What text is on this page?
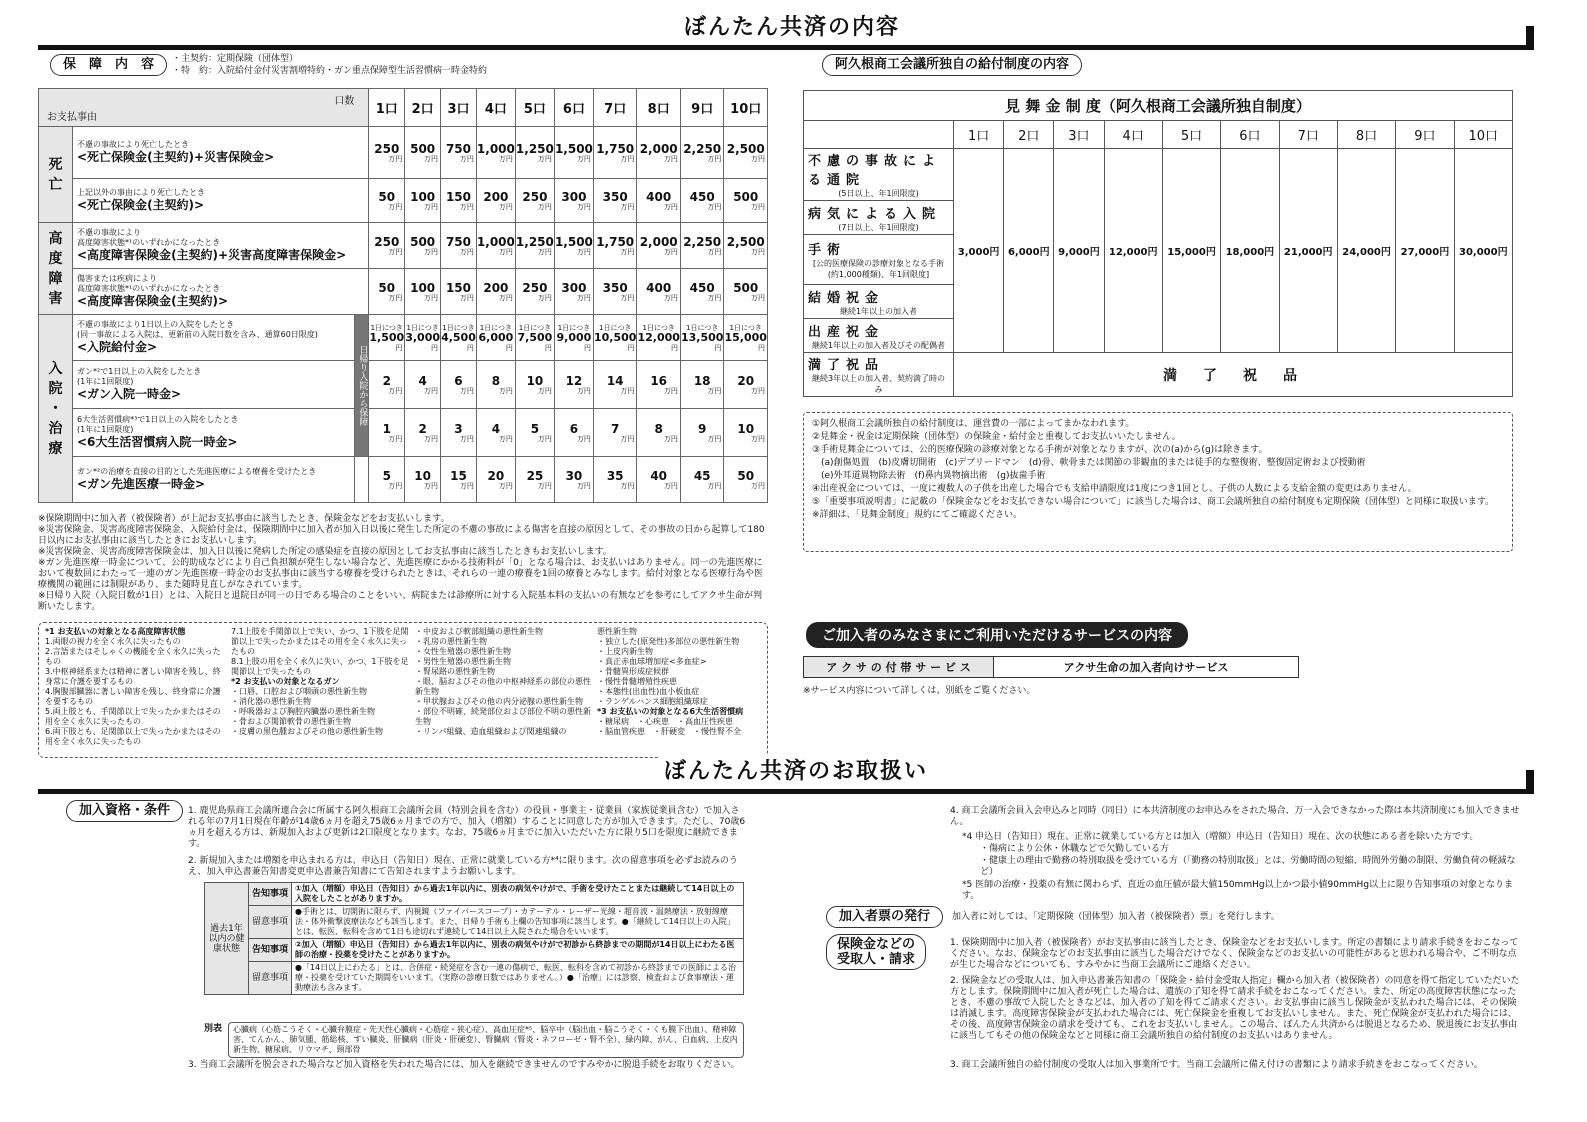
ぼんたん共済の内容
保　障　内　容	・主契約：定期保険（団体型）
・特　約：入院給付金付災害割増特約・ガン重点保障型生活習慣病一時金特約
口数
お支払事由			1口	2口	3口	4口	5口	6口	7口	8口	9口	10口
死
亡	不慮の事故により死亡したとき
<死亡保険金(主契約)+災害保険金>		250
万円	500
万円	750
万円	1,000
万円	1,250
万円	1,500
万円	1,750
万円	2,000
万円	2,250
万円	2,500
万円

	上記以外の事由により死亡したとき
<死亡保険金(主契約)>		50
万円	100
万円	150
万円	200
万円	250
万円	300
万円	350
万円	400
万円	450
万円	500
万円

高
度
障
害	不慮の事故により
高度障害状態*¹のいずれかになったとき
<高度障害保険金(主契約)+災害高度障害保険金>		250
万円	500
万円	750
万円	1,000
万円	1,250
万円	1,500
万円	1,750
万円	2,000
万円	2,250
万円	2,500
万円

	傷害または疾病により
高度障害状態*¹のいずれかになったとき
<高度障害保険金(主契約)>		50
万円	100
万円	150
万円	200
万円	250
万円	300
万円	350
万円	400
万円	450
万円	500
万円

入
院
・
治
療	不慮の事故により1日以上の入院をしたとき
(同一事故による入院は、更新前の入院日数を含み、通算60日限度)
<入院給付金>	日帰り入院から保障	1日につき
1,500
円	1日につき
3,000
円	1日につき
4,500
円	1日につき
6,000
円	1日につき
7,500
円	1日につき
9,000
円	1日につき
10,500
円	1日につき
12,000
円	1日につき
13,500
円	1日につき
15,000
円

	ガン*²で1日以上の入院をしたとき
(1年に1回限度)
<ガン入院一時金>		2
万円	4
万円	6
万円	8
万円	10
万円	12
万円	14
万円	16
万円	18
万円	20
万円

	6大生活習慣病*³で1日以上の入院をしたとき
(1年に1回限度)
<6大生活習慣病入院一時金>		1
万円	2
万円	3
万円	4
万円	5
万円	6
万円	7
万円	8
万円	9
万円	10
万円

	ガン*²の治療を直接の目的とした先進医療による療養を受けたとき
<ガン先進医療一時金>		5
万円	10
万円	15
万円	20
万円	25
万円	30
万円	35
万円	40
万円	45
万円	50
万円
※保険期間中に加入者（被保険者）が上記お支払事由に該当したとき、保険金などをお支払いします。
※災害保険金、災害高度障害保険金、入院給付金は、保険期間中に加入者が加入日以後に発生した所定の不慮の事故による傷害を直接の原因として、その事故の日から起算して180日以内にお支払事由に該当したときにお支払いします。
※災害保険金、災害高度障害保険金は、加入日以後に発病した所定の感染症を直接の原因としてお支払事由に該当したときもお支払いします。
※ガン先進医療一時金について、公的助成などにより自己負担額が発生しない場合など、先進医療にかかる技術料が「0」となる場合は、お支払いはありません。同一の先進医療において複数回にわたって一連のガン先進医療一時金のお支払事由に該当する療養を受けられたときは、それらの一連の療養を1回の療養とみなします。給付対象となる医療行為や医療機関の範囲には制限があり、また随時見直しがなされています。
※日帰り入院（入院日数が1日）とは、入院日と退院日が同一の日である場合のことをいい、病院または診療所に対する入院基本料の支払いの有無などを参考にしてアクサ生命が判断いたします。
*1 お支払いの対象となる高度障害状態
1.両眼の視力を全く永久に失ったもの
2.言語またはそしゃくの機能を全く永久に失ったもの
3.中枢神経系または精神に著しい障害を残し、終身常に介護を要するもの
4.胸腹部臓器に著しい障害を残し、終身常に介護を要するもの
5.両上肢とも、手関節以上で失ったかまたはその用を全く永久に失ったもの
6.両下肢とも、足関節以上で失ったかまたはその用を全く永久に失ったもの
7.1上肢を手関節以上で失い、かつ、1下肢を足関節以上で失ったかまたはその用を全く永久に失ったもの
8.1上肢の用を全く永久に失い、かつ、1下肢を足関節以上で失ったもの
*2 お支払いの対象となるガン
・口唇、口腔および咽頭の悪性新生物
・消化器の悪性新生物
・呼吸器および胸腔内臓器の悪性新生物
・骨および関節軟骨の悪性新生物
・皮膚の黒色腫およびその他の悪性新生物
・中皮および軟部組織の悪性新生物
・乳房の悪性新生物
・女性生殖器の悪性新生物
・男性生殖器の悪性新生物
・腎尿路の悪性新生物
・眼、脳およびその他の中枢神経系の部位の悪性新生物
・甲状腺およびその他の内分泌腺の悪性新生物
・部位不明確、続発部位および部位不明の悪性新生物
・リンパ組織、造血組織および関連組織の
悪性新生物
・独立した(原発性)多部位の悪性新生物
・上皮内新生物
・真正赤血球増加症<多血症>
・骨髄異形成症候群
・慢性骨髄増殖性疾患
・本態性(出血性)血小板血症
・ランゲルハンス細胞組織球症
*3 お支払いの対象となる6大生活習慣病
・糖尿病　・心疾患　・高血圧性疾患
・脳血管疾患　・肝硬変　・慢性腎不全
阿久根商工会議所独自の給付制度の内容
見 舞 金 制 度（阿久根商工会議所独自制度）										
	1口	2口	3口	4口	5口	6口	7口	8口	9口	10口

不慮の事故による通院
(5日以上、年1回限度)	3,000円	6,000円	9,000円	12,000円	15,000円	18,000円	21,000円	24,000円	27,000円	30,000円

病気による入院
(7日以上、年1回限度)										

手術
[公的医療保険の診療対象となる手術(約1,000種類)、年1回限度]										

結婚祝金
継続1年以上の加入者										

出産祝金
継続1年以上の加入者及びその配偶者										

満了祝品
継続3年以上の加入者、契約満了時のみ	満　了　祝　品									
①阿久根商工会議所独自の給付制度は、運営費の一部によってまかなわれます。
②見舞金・祝金は定期保険（団体型）の保険金・給付金と重複してお支払いいたしません。
③手術見舞金については、公的医療保険の診療対象となる手術が対象となりますが、次の(a)から(g)は除きます。
　(a)創傷処置　(b)皮膚切開術　(c)デブリードマン　(d)骨、軟骨または関節の非観血的または徒手的な整復術、整復固定術および授動術
　(e)外耳道異物除去術　(f)鼻内異物摘出術　(g)抜歯手術
④出産祝金については、一度に複数人の子供を出産した場合でも支給申請限度は1度につき1回とし、子供の人数による支給金額の変更はありません。
⑤「重要事項説明書」に記載の「保険金などをお支払できない場合について」に該当した場合は、商工会議所独自の給付制度も定期保険（団体型）と同様に取扱います。
※詳細は、「見舞金制度」規約にてご確認ください。
ご加入者のみなさまにご利用いただけるサービスの内容
ア ク サ の 付 帯 サ ー ビ ス	アクサ生命の加入者向けサービス
※サービス内容について詳しくは、別紙をご覧ください。
ぼんたん共済のお取扱い
加入資格・条件	1. 鹿児島県商工会議所連合会に所属する阿久根商工会議所会員（特別会員を含む）の役員・事業主・従業員（家族従業員含む）で加入される年の7月1日現在年齢が14歳6ヵ月を超え75歳6ヵ月までの方で、加入（増額）することに同意した方が加入できます。ただし、70歳6ヵ月を超える方は、新規加入および更新は2口限度となります。なお、75歳6ヵ月までに加入いただいた方に限り5口を限度に継続できます。
2. 新規加入または増額を申込まれる方は、申込日（告知日）現在、正常に就業している方*⁴に限ります。次の留意事項を必ずお読みのうえ、加入申込書兼告知書変更申込書兼告知書にて告知されますようお願いします。
過去1年以内の健康状態	告知事項	①加入（増額）申込日（告知日）から過去1年以内に、別表の病気やけがで、手術を受けたことまたは継続して14日以上の入院をしたことがありますか。
	留意事項	●手術とは、切開術に限らず、内視鏡（ファイバースコープ）・カテーテル・レーザー光線・超音波・温熱療法・放射線療法・体外衝撃波療法なども該当します。また、日帰り手術も上欄の告知事項に該当します。●「継続して14日以上の入院」とは、転医、転科を含めて1日も途切れず連続して14日以上入院された場合をいいます。
	告知事項	②加入（増額）申込日（告知日）から過去1年以内に、別表の病気やけがで初診から終診までの期間が14日以上にわたる医師の治療・投薬を受けたことがありますか。
	留意事項	●「14日以上にわたる」とは、合併症・続発症を含む一連の傷病で、転医、転科を含めて初診から終診までの医師による治療・投薬を受けていた期間をいいます。（実際の診療日数ではありません。）●「治療」には診察、検査および食事療法・運動療法も含みます。
別表	心臓病（心筋こうそく・心臓弁膜症・先天性心臓病・心筋症・狭心症）、高血圧症*⁵、脳卒中（脳出血・脳こうそく・くも膜下出血）、精神障害、てんかん、肺気腫、筋総核、すい臓炎、肝臓病（肝炎・肝硬変）、腎臓病（腎炎・ネフローゼ・腎不全）、緑内障、がん、白血病、上皮内新生物、糖尿病、リウマチ、頸部骨
3. 当商工会議所を脱会された場合など加入資格を失われた場合には、加入を継続できませんのですみやかに脱退手続をお取りください。
4. 商工会議所会員入会申込みと同時（同日）に本共済制度のお申込みをされた場合、万一入会できなかった際は本共済制度にも加入できません。
*4 申込日（告知日）現在、正常に就業している方とは加入（増額）申込日（告知日）現在、次の状態にある者を除いた方です。
・傷病により公休・休職などで欠勤している方
・健康上の理由で勤務の特別取扱を受けている方（「勤務の特別取扱」とは、労働時間の短縮、時間外労働の制限、労働負荷の軽減など）
*5 医師の治療・投薬の有無に関わらず、直近の血圧値が最大値150mmHg以上かつ最小値90mmHg以上に限り告知事項の対象となります。
加入者票の発行	加入者に対しては、「定期保険（団体型）加入者（被保険者）票」を発行します。
保険金などの
受取人・請求
1. 保険期間中に加入者（被保険者）がお支払事由に該当したとき、保険金などをお支払いします。所定の書類により請求手続きをおこなってください。なお、保険金などのお支払事由に該当した場合だけでなく、保険金などのお支払いの可能性があると思われる場合や、ご不明な点が生じた場合などについても、すみやかに当商工会議所にご連絡ください。
2. 保険金などの受取人は、加入申込書兼告知書の「保険金・給付金受取人指定」欄から加入者（被保険者）の同意を得て指定していただいた方とします。保険期間中に加入者が死亡した場合は、遺族の了知を得て請求手続をおこなってください。また、所定の高度障害状態になったとき、不慮の事故で入院したときなどは、加入者の了知を得てご請求ください。お支払事由に該当し保険金が支払われた場合には、その保険は消滅します。高度障害保険金が支払われた場合には、死亡保険金を重複してお支払いしません。また、死亡保険金が支払われた場合には、その後、高度障害保険金の請求を受けても、これをお支払いしません。この場合、ぼんたん共済からは脱退となるため、脱退後にお支払事由に該当してもその他の保険金などと同様に商工会議所独自の給付制度のお支払いはありません。
3. 商工会議所独自の給付制度の受取人は加入事業所です。当商工会議所に備え付けの書類により請求手続きをおこなってください。
